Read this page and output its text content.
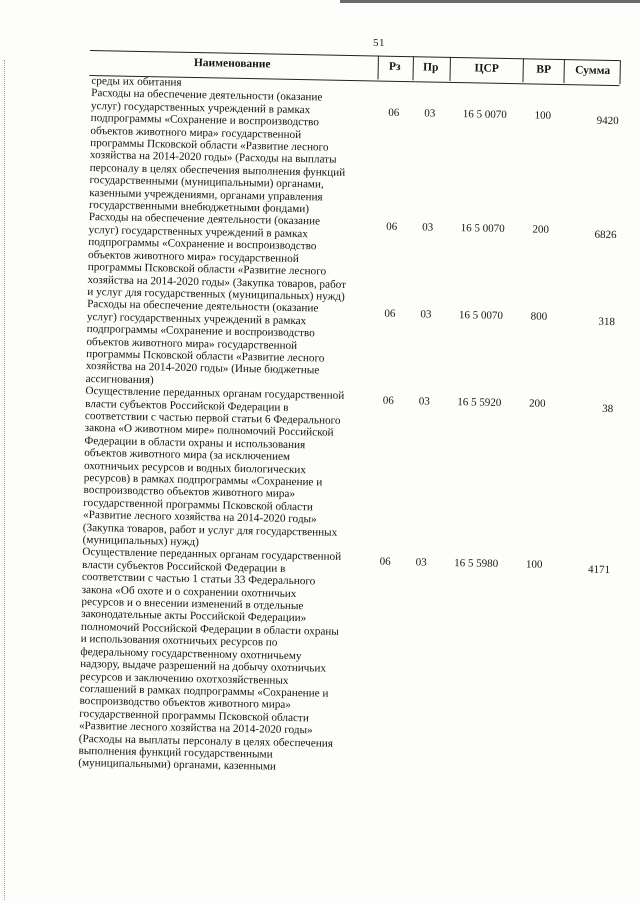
51
Наименование	Рз	Пр	ЦСР	ВР	Сумма
среды их обитания
Расходы на обеспечение деятельности (оказание
услуг) государственных учреждений в рамках
подпрограммы «Сохранение и воспроизводство
объектов животного мира» государственной
программы Псковской области «Развитие лесного
хозяйства на 2014-2020 годы» (Расходы на выплаты
персоналу в целях обеспечения выполнения функций
государственными (муниципальными) органами,
казенными учреждениями, органами управления
государственными внебюджетными фондами)
06	03	16 5 0070	100	9420
Расходы на обеспечение деятельности (оказание
услуг) государственных учреждений в рамках
подпрограммы «Сохранение и воспроизводство
объектов животного мира» государственной
программы Псковской области «Развитие лесного
хозяйства на 2014-2020 годы» (Закупка товаров, работ
и услуг для государственных (муниципальных) нужд)
06	03	16 5 0070	200	6826
Расходы на обеспечение деятельности (оказание
услуг) государственных учреждений в рамках
подпрограммы «Сохранение и воспроизводство
объектов животного мира» государственной
программы Псковской области «Развитие лесного
хозяйства на 2014-2020 годы» (Иные бюджетные
ассигнования)
06	03	16 5 0070	800	318
Осуществление переданных органам государственной
власти субъектов Российской Федерации в
соответствии с частью первой статьи 6 Федерального
закона «О животном мире» полномочий Российской
Федерации в области охраны и использования
объектов животного мира (за исключением
охотничьих ресурсов и водных биологических
ресурсов) в рамках подпрограммы «Сохранение и
воспроизводство объектов животного мира»
государственной программы Псковской области
«Развитие лесного хозяйства на 2014-2020 годы»
(Закупка товаров, работ и услуг для государственных
(муниципальных) нужд)
06	03	16 5 5920	200	38
Осуществление переданных органам государственной
власти субъектов Российской Федерации в
соответствии с частью 1 статьи 33 Федерального
закона «Об охоте и о сохранении охотничьих
ресурсов и о внесении изменений в отдельные
законодательные акты Российской Федерации»
полномочий Российской Федерации в области охраны
и использования охотничьих ресурсов по
федеральному государственному охотничьему
надзору, выдаче разрешений на добычу охотничьих
ресурсов и заключению охотхозяйственных
соглашений в рамках подпрограммы «Сохранение и
воспроизводство объектов животного мира»
государственной программы Псковской области
«Развитие лесного хозяйства на 2014-2020 годы»
(Расходы на выплаты персоналу в целях обеспечения
выполнения функций государственными
(муниципальными) органами, казенными
06	03	16 5 5980	100	4171
